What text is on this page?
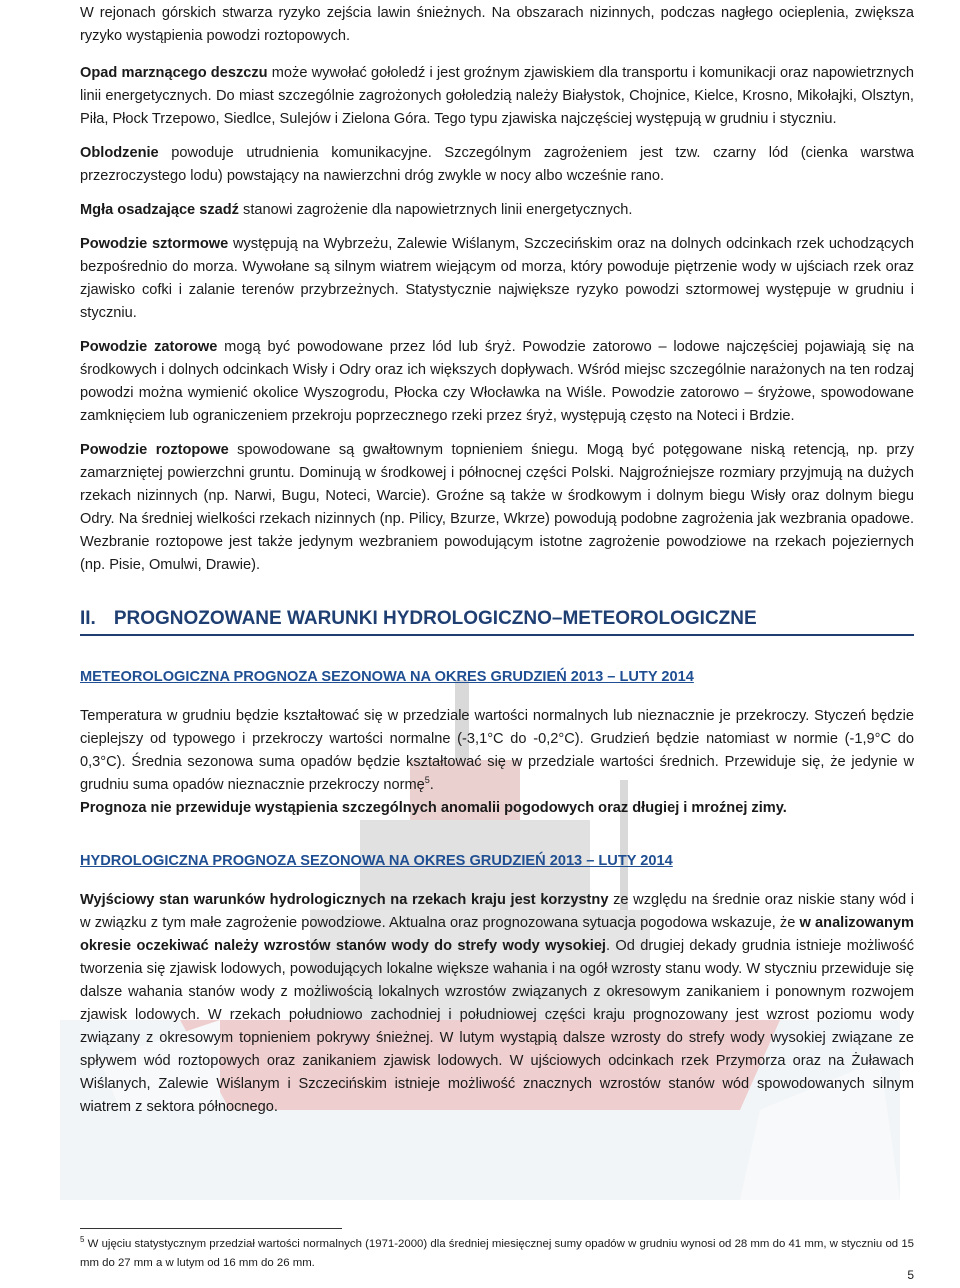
W rejonach górskich stwarza ryzyko zejścia lawin śnieżnych. Na obszarach nizinnych, podczas nagłego ocieplenia, zwiększa ryzyko wystąpienia powodzi roztopowych.

Opad marznącego deszczu może wywołać gołoledź i jest groźnym zjawiskiem dla transportu i komunikacji oraz napowietrznych linii energetycznych. Do miast szczególnie zagrożonych gołoledzią należy Białystok, Chojnice, Kielce, Krosno, Mikołajki, Olsztyn, Piła, Płock Trzepowo, Siedlce, Sulejów i Zielona Góra. Tego typu zjawiska najczęściej występują w grudniu i styczniu.

Oblodzenie powoduje utrudnienia komunikacyjne. Szczególnym zagrożeniem jest tzw. czarny lód (cienka warstwa przezroczystego lodu) powstający na nawierzchni dróg zwykle w nocy albo wcześnie rano.

Mgła osadzające szadź stanowi zagrożenie dla napowietrznych linii energetycznych.

Powodzie sztormowe występują na Wybrzeżu, Zalewie Wiślanym, Szczecińskim oraz na dolnych odcinkach rzek uchodzących bezpośrednio do morza. Wywołane są silnym wiatrem wiejącym od morza, który powoduje piętrzenie wody w ujściach rzek oraz zjawisko cofki i zalanie terenów przybrzeżnych. Statystycznie największe ryzyko powodzi sztormowej występuje w grudniu i styczniu.

Powodzie zatorowe mogą być powodowane przez lód lub śryż. Powodzie zatorowo – lodowe najczęściej pojawiają się na środkowych i dolnych odcinkach Wisły i Odry oraz ich większych dopływach. Wśród miejsc szczególnie narażonych na ten rodzaj powodzi można wymienić okolice Wyszogrodu, Płocka czy Włocławka na Wiśle. Powodzie zatorowo – śryżowe, spowodowane zamknięciem lub ograniczeniem przekroju poprzecznego rzeki przez śryż, występują często na Noteci i Brdzie.

Powodzie roztopowe spowodowane są gwałtownym topnieniem śniegu. Mogą być potęgowane niską retencją, np. przy zamarzniętej powierzchni gruntu. Dominują w środkowej i północnej części Polski. Najgroźniejsze rozmiary przyjmują na dużych rzekach nizinnych (np. Narwi, Bugu, Noteci, Warcie). Groźne są także w środkowym i dolnym biegu Wisły oraz dolnym biegu Odry. Na średniej wielkości rzekach nizinnych (np. Pilicy, Bzurze, Wkrze) powodują podobne zagrożenia jak wezbrania opadowe. Wezbranie roztopowe jest także jedynym wezbraniem powodującym istotne zagrożenie powodziowe na rzekach pojeziernych (np. Pisie, Omulwi, Drawie).

II. PROGNOZOWANE WARUNKI HYDROLOGICZNO–METEOROLOGICZNE
METEOROLOGICZNA PROGNOZA SEZONOWA NA OKRES GRUDZIEŃ 2013 – LUTY 2014

Temperatura w grudniu będzie kształtować się w przedziale wartości normalnych lub nieznacznie je przekroczy. Styczeń będzie cieplejszy od typowego i przekroczy wartości normalne (-3,1°C do -0,2°C). Grudzień będzie natomiast w normie (-1,9°C do 0,3°C). Średnia sezonowa suma opadów będzie kształtować się w przedziale wartości średnich. Przewiduje się, że jedynie w grudniu suma opadów nieznacznie przekroczy normę$^5$.
Prognoza nie przewiduje wystąpienia szczególnych anomalii pogodowych oraz długiej i mroźnej zimy.

HYDROLOGICZNA PROGNOZA SEZONOWA NA OKRES GRUDZIEŃ 2013 – LUTY 2014

Wyjściowy stan warunków hydrologicznych na rzekach kraju jest korzystny ze względu na średnie oraz niskie stany wód i w związku z tym małe zagrożenie powodziowe. Aktualna oraz prognozowana sytuacja pogodowa wskazuje, że w analizowanym okresie oczekiwać należy wzrostów stanów wody do strefy wody wysokiej. Od drugiej dekady grudnia istnieje możliwość tworzenia się zjawisk lodowych, powodujących lokalne większe wahania i na ogół wzrosty stanu wody. W styczniu przewiduje się dalsze wahania stanów wody z możliwością lokalnych wzrostów związanych z okresowym zanikaniem i ponownym rozwojem zjawisk lodowych. W rzekach południowo zachodniej i południowej części kraju prognozowany jest wzrost poziomu wody związany z okresowym topnieniem pokrywy śnieżnej. W lutym wystąpią dalsze wzrosty do strefy wody wysokiej związane ze spływem wód roztopowych oraz zanikaniem zjawisk lodowych. W ujściowych odcinkach rzek Przymorza oraz na Żuławach Wiślanych, Zalewie Wiślanym i Szczecińskim istnieje możliwość znacznych wzrostów stanów wód spowodowanych silnym wiatrem z sektora północnego.

$^5$ W ujęciu statystycznym przedział wartości normalnych (1971-2000) dla średniej miesięcznej sumy opadów w grudniu wynosi od 28 mm do 41 mm, w styczniu od 15 mm do 27 mm a w lutym od 16 mm do 26 mm.
5
